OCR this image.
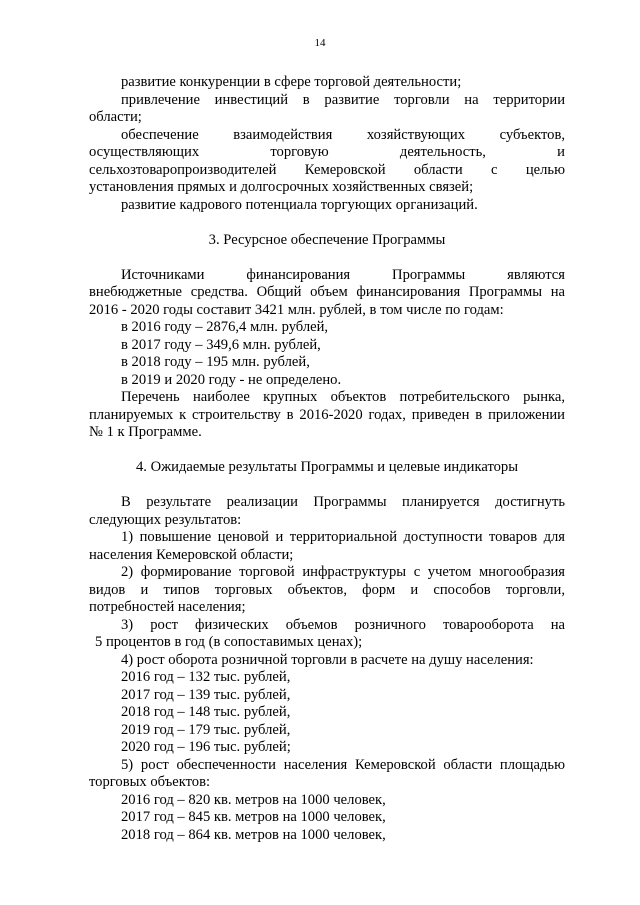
14

развитие конкуренции в сфере торговой деятельности;

привлечение инвестиций в развитие торговли на территории

области;

обеспечение взаимодействия хозяйствующих субъектов,

осуществляющих торговую деятельность, и

сельхозтоваропроизводителей Кемеровской области с целью

установления прямых и долгосрочных хозяйственных связей;

развитие кадрового потенциала торгующих организаций.

3. Ресурсное обеспечение Программы

Источниками финансирования Программы являются

внебюджетные средства. Общий объем финансирования Программы на

2016 - 2020 годы составит 3421 млн. рублей, в том числе по годам:

в 2016 году – 2876,4 млн. рублей,

в 2017 году – 349,6 млн. рублей,

в 2018 году – 195 млн. рублей,

в 2019 и 2020 году - не определено.

Перечень наиболее крупных объектов потребительского рынка,

планируемых к строительству в 2016-2020 годах, приведен в приложении

№ 1 к Программе.

4. Ожидаемые результаты Программы и целевые индикаторы

В результате реализации Программы планируется достигнуть

следующих результатов:

1) повышение ценовой и территориальной доступности товаров для

населения Кемеровской области;

2) формирование торговой инфраструктуры с учетом многообразия

видов и типов торговых объектов, форм и способов торговли,

потребностей населения;

3) рост физических объемов розничного товарооборота на

5 процентов в год (в сопоставимых ценах);

4) рост оборота розничной торговли в расчете на душу населения:

2016 год – 132 тыс. рублей,

2017 год – 139 тыс. рублей,

2018 год – 148 тыс. рублей,

2019 год – 179 тыс. рублей,

2020 год – 196 тыс. рублей;

5) рост обеспеченности населения Кемеровской области площадью

торговых объектов:

2016 год – 820 кв. метров на 1000 человек,

2017 год – 845 кв. метров на 1000 человек,

2018 год – 864 кв. метров на 1000 человек,
